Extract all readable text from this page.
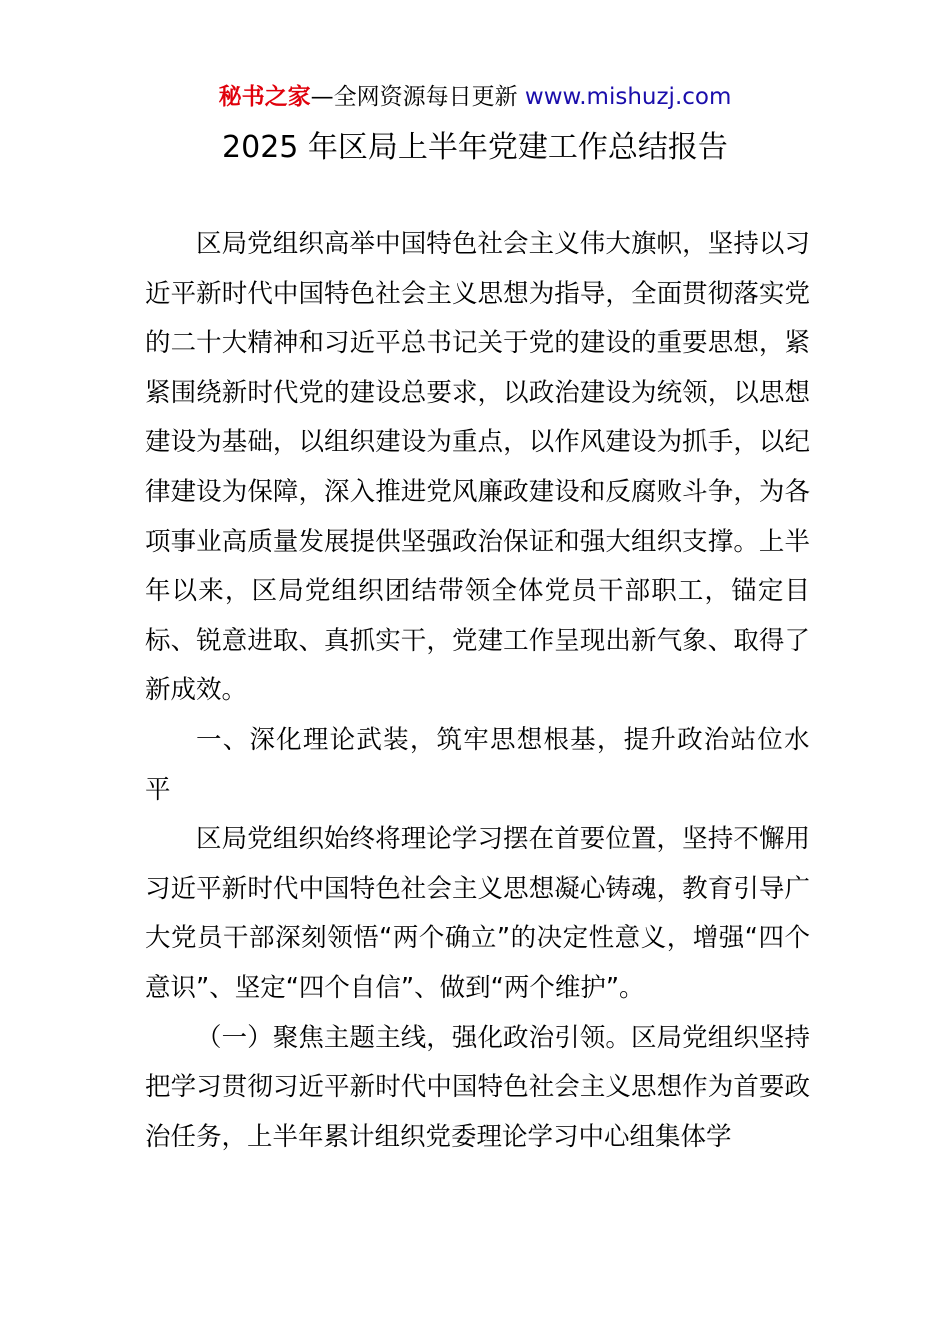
秘书之家—全网资源每日更新 www.mishuzj.com
2025 年区局上半年党建工作总结报告

区局党组织高举中国特色社会主义伟大旗帜，坚持以习近平新时代中国特色社会主义思想为指导，全面贯彻落实党的二十大精神和习近平总书记关于党的建设的重要思想，紧紧围绕新时代党的建设总要求，以政治建设为统领，以思想建设为基础，以组织建设为重点，以作风建设为抓手，以纪律建设为保障，深入推进党风廉政建设和反腐败斗争，为各项事业高质量发展提供坚强政治保证和强大组织支撑。上半年以来，区局党组织团结带领全体党员干部职工，锚定目标、锐意进取、真抓实干，党建工作呈现出新气象、取得了新成效。

一、深化理论武装，筑牢思想根基，提升政治站位水平

区局党组织始终将理论学习摆在首要位置，坚持不懈用习近平新时代中国特色社会主义思想凝心铸魂，教育引导广大党员干部深刻领悟“两个确立”的决定性意义，增强“四个意识”、坚定“四个自信”、做到“两个维护”。

（一）聚焦主题主线，强化政治引领。区局党组织坚持把学习贯彻习近平新时代中国特色社会主义思想作为首要政治任务，上半年累计组织党委理论学习中心组集体学
